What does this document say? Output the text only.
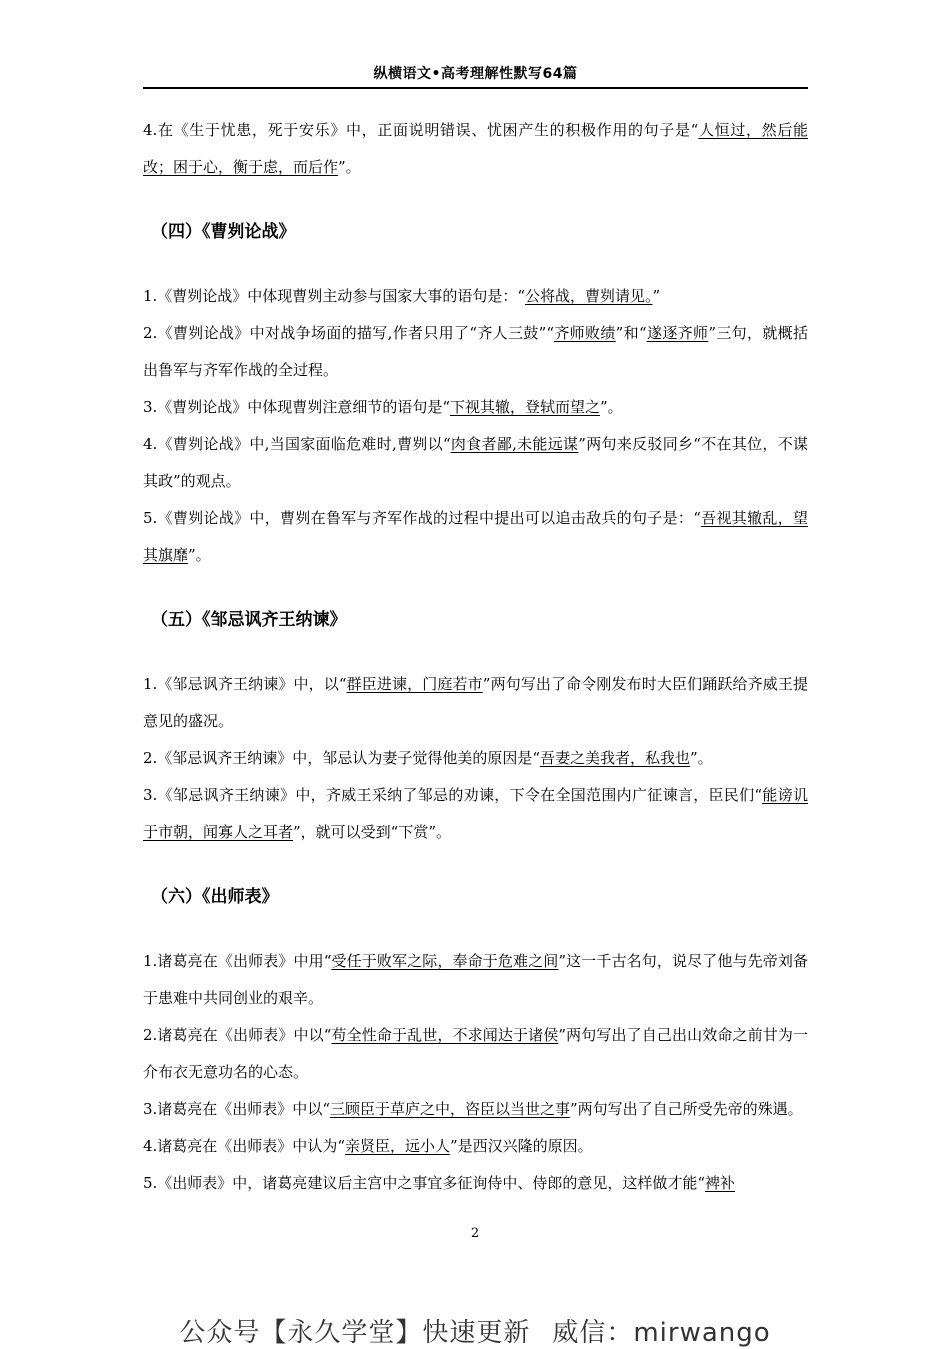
纵横语文•高考理解性默写64篇

4.在《生于忧患，死于安乐》中，正面说明错误、忧困产生的积极作用的句子是“人恒过，然后能改；困于心，衡于虑，而后作”。

（四）《曹刿论战》

1.《曹刿论战》中体现曹刿主动参与国家大事的语句是：“公将战，曹刿请见。”

2.《曹刿论战》中对战争场面的描写,作者只用了“齐人三鼓”“齐师败绩”和“遂逐齐师”三句，就概括出鲁军与齐军作战的全过程。

3.《曹刿论战》中体现曹刿注意细节的语句是“下视其辙，登轼而望之”。

4.《曹刿论战》中,当国家面临危难时,曹刿以“肉食者鄙,未能远谋”两句来反驳同乡“不在其位，不谋其政”的观点。

5.《曹刿论战》中，曹刿在鲁军与齐军作战的过程中提出可以追击敌兵的句子是：“吾视其辙乱，望其旗靡”。

（五）《邹忌讽齐王纳谏》

1.《邹忌讽齐王纳谏》中，以“群臣进谏，门庭若市”两句写出了命令刚发布时大臣们踊跃给齐威王提意见的盛况。

2.《邹忌讽齐王纳谏》中，邹忌认为妻子觉得他美的原因是“吾妻之美我者，私我也”。

3.《邹忌讽齐王纳谏》中，齐威王采纳了邹忌的劝谏，下令在全国范围内广征谏言，臣民们“能谤讥于市朝，闻寡人之耳者”，就可以受到“下赏”。

（六）《出师表》

1.诸葛亮在《出师表》中用“受任于败军之际，奉命于危难之间”这一千古名句，说尽了他与先帝刘备于患难中共同创业的艰辛。

2.诸葛亮在《出师表》中以“苟全性命于乱世，不求闻达于诸侯”两句写出了自己出山效命之前甘为一介布衣无意功名的心态。

3.诸葛亮在《出师表》中以“三顾臣于草庐之中，咨臣以当世之事”两句写出了自己所受先帝的殊遇。

4.诸葛亮在《出师表》中认为“亲贤臣，远小人”是西汉兴隆的原因。

5.《出师表》中，诸葛亮建议后主宫中之事宜多征询侍中、侍郎的意见，这样做才能“裨补

2
公众号【永久学堂】快速更新 威信：mirwango
